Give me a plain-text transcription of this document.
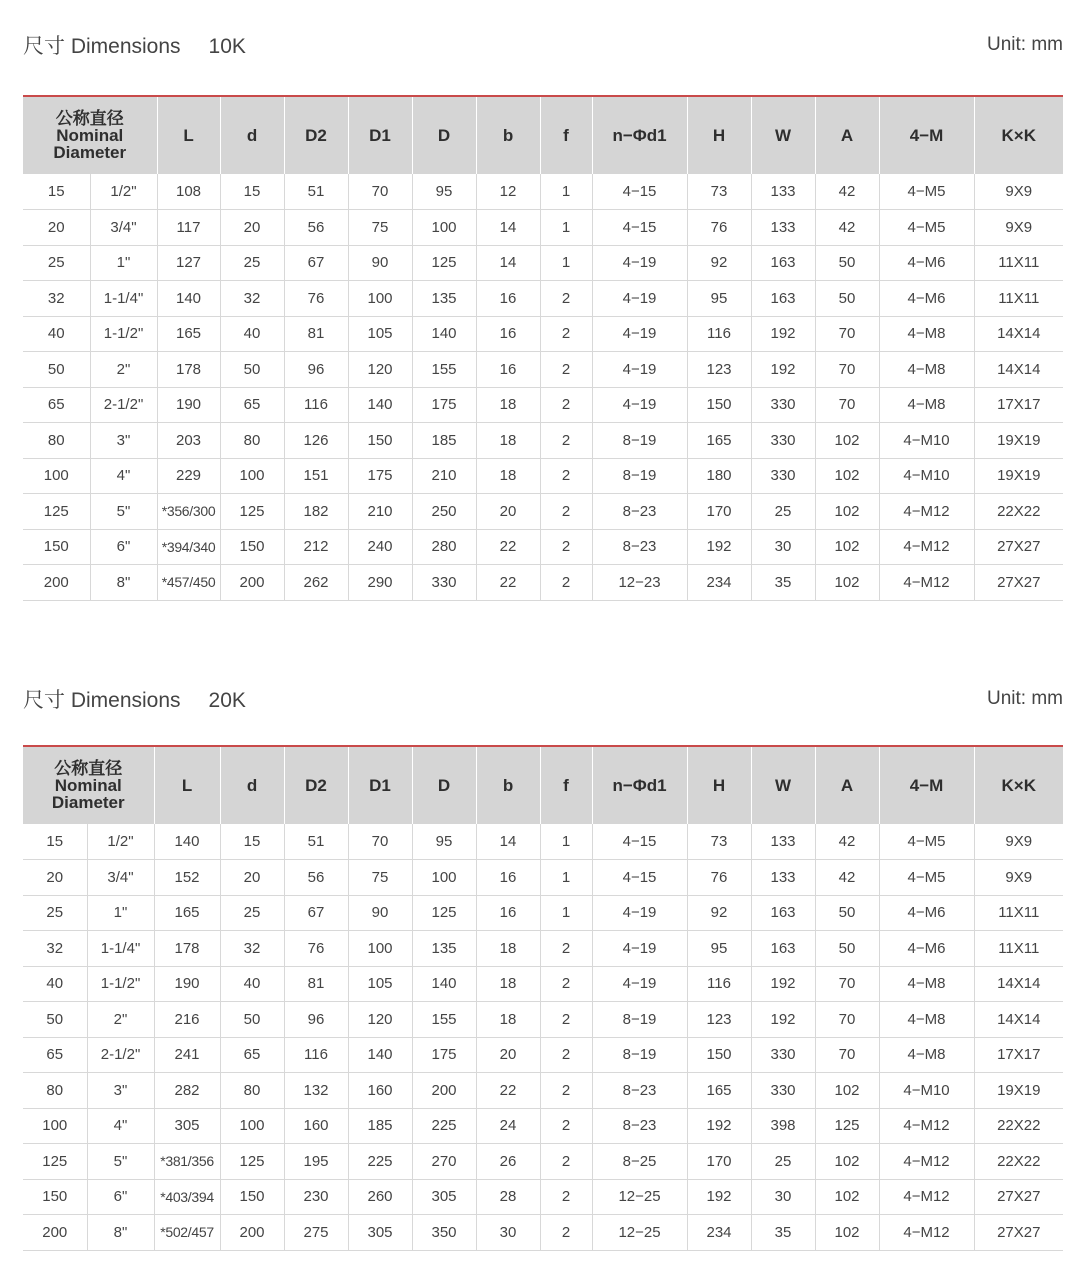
尺寸 Dimensions 10K	Unit: mm
公称直径
Nominal
Diameter		L	d	D2	D1	D	b	f	n−Φd1	H	W	A	4−M	K×K
15	1/2"	108	15	51	70	95	12	1	4−15	73	133	42	4−M5	9X9
20	3/4"	117	20	56	75	100	14	1	4−15	76	133	42	4−M5	9X9
25	1"	127	25	67	90	125	14	1	4−19	92	163	50	4−M6	11X11
32	1-1/4"	140	32	76	100	135	16	2	4−19	95	163	50	4−M6	11X11
40	1-1/2"	165	40	81	105	140	16	2	4−19	116	192	70	4−M8	14X14
50	2"	178	50	96	120	155	16	2	4−19	123	192	70	4−M8	14X14
65	2-1/2"	190	65	116	140	175	18	2	4−19	150	330	70	4−M8	17X17
80	3"	203	80	126	150	185	18	2	8−19	165	330	102	4−M10	19X19
100	4"	229	100	151	175	210	18	2	8−19	180	330	102	4−M10	19X19
125	5"	*356/300	125	182	210	250	20	2	8−23	170	25	102	4−M12	22X22
150	6"	*394/340	150	212	240	280	22	2	8−23	192	30	102	4−M12	27X27
200	8"	*457/450	200	262	290	330	22	2	12−23	234	35	102	4−M12	27X27
尺寸 Dimensions 20K	Unit: mm
公称直径
Nominal
Diameter		L	d	D2	D1	D	b	f	n−Φd1	H	W	A	4−M	K×K
15	1/2"	140	15	51	70	95	14	1	4−15	73	133	42	4−M5	9X9
20	3/4"	152	20	56	75	100	16	1	4−15	76	133	42	4−M5	9X9
25	1"	165	25	67	90	125	16	1	4−19	92	163	50	4−M6	11X11
32	1-1/4"	178	32	76	100	135	18	2	4−19	95	163	50	4−M6	11X11
40	1-1/2"	190	40	81	105	140	18	2	4−19	116	192	70	4−M8	14X14
50	2"	216	50	96	120	155	18	2	8−19	123	192	70	4−M8	14X14
65	2-1/2"	241	65	116	140	175	20	2	8−19	150	330	70	4−M8	17X17
80	3"	282	80	132	160	200	22	2	8−23	165	330	102	4−M10	19X19
100	4"	305	100	160	185	225	24	2	8−23	192	398	125	4−M12	22X22
125	5"	*381/356	125	195	225	270	26	2	8−25	170	25	102	4−M12	22X22
150	6"	*403/394	150	230	260	305	28	2	12−25	192	30	102	4−M12	27X27
200	8"	*502/457	200	275	305	350	30	2	12−25	234	35	102	4−M12	27X27
